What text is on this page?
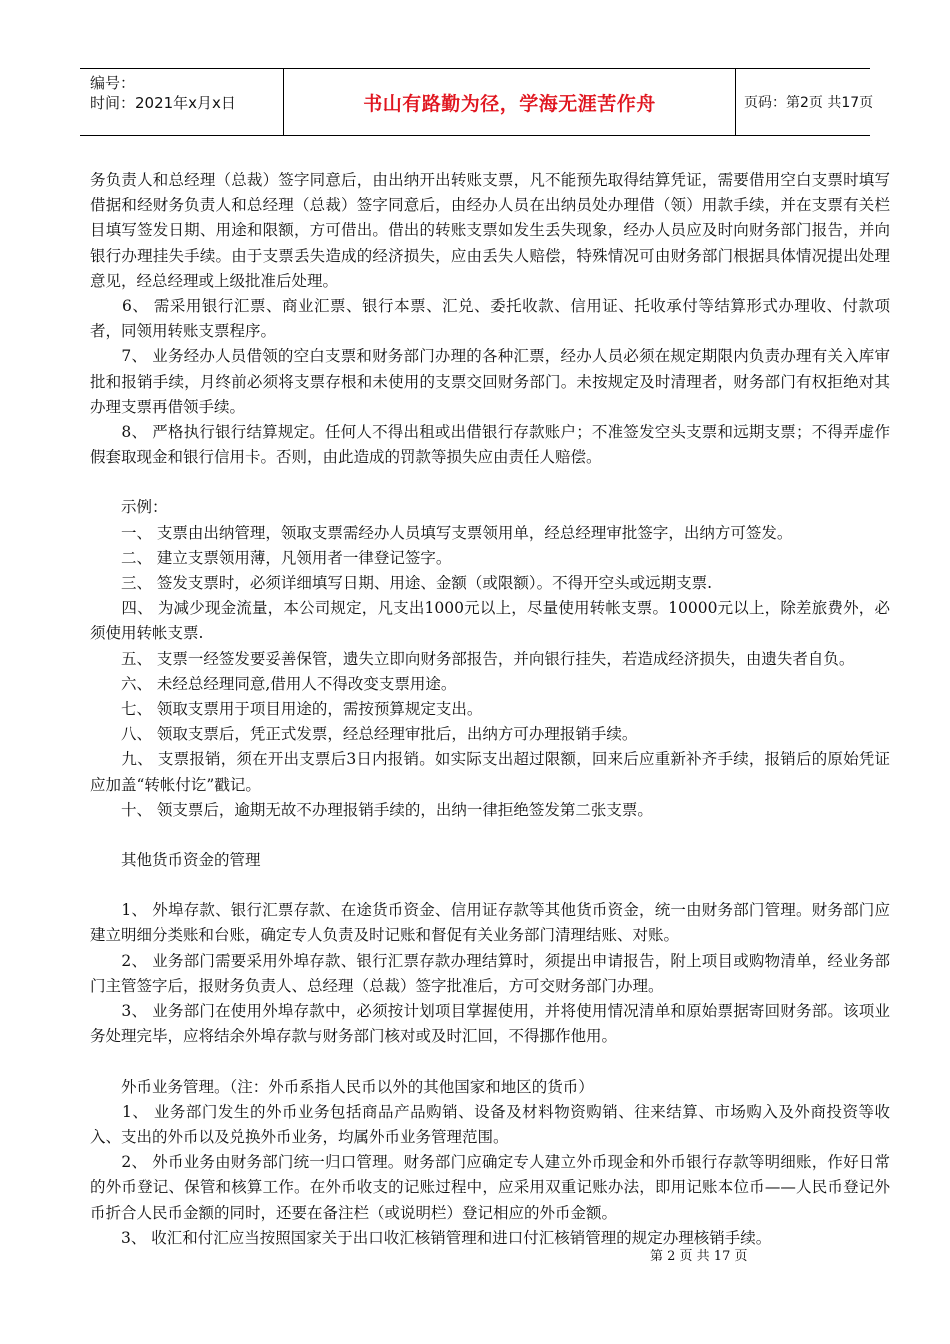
编号：
时间：2021年x月x日	书山有路勤为径，学海无涯苦作舟	页码：第2页 共17页

务负责人和总经理（总裁）签字同意后，由出纳开出转账支票，凡不能预先取得结算凭证，需要借用空白支票时填写借据和经财务负责人和总经理（总裁）签字同意后，由经办人员在出纳员处办理借（领）用款手续，并在支票有关栏目填写签发日期、用途和限额，方可借出。借出的转账支票如发生丢失现象，经办人员应及时向财务部门报告，并向银行办理挂失手续。由于支票丢失造成的经济损失，应由丢失人赔偿，特殊情况可由财务部门根据具体情况提出处理意见，经总经理或上级批准后处理。

　　6、 需采用银行汇票、商业汇票、银行本票、汇兑、委托收款、信用证、托收承付等结算形式办理收、付款项者，同领用转账支票程序。

　　7、 业务经办人员借领的空白支票和财务部门办理的各种汇票，经办人员必须在规定期限内负责办理有关入库审批和报销手续，月终前必须将支票存根和未使用的支票交回财务部门。未按规定及时清理者，财务部门有权拒绝对其办理支票再借领手续。

　　8、 严格执行银行结算规定。任何人不得出租或出借银行存款账户；不准签发空头支票和远期支票；不得弄虚作假套取现金和银行信用卡。否则，由此造成的罚款等损失应由责任人赔偿。

　　示例：

　　一、 支票由出纳管理，领取支票需经办人员填写支票领用单，经总经理审批签字，出纳方可签发。

　　二、 建立支票领用薄，凡领用者一律登记签字。

　　三、 签发支票时，必须详细填写日期、用途、金额（或限额）。不得开空头或远期支票.

　　四、 为减少现金流量，本公司规定，凡支出1000元以上，尽量使用转帐支票。10000元以上，除差旅费外，必须使用转帐支票.

　　五、 支票一经签发要妥善保管，遗失立即向财务部报告，并向银行挂失，若造成经济损失，由遗失者自负。

　　六、 未经总经理同意,借用人不得改变支票用途。

　　七、 领取支票用于项目用途的，需按预算规定支出。

　　八、 领取支票后，凭正式发票，经总经理审批后，出纳方可办理报销手续。

　　九、 支票报销，须在开出支票后3日内报销。如实际支出超过限额，回来后应重新补齐手续，报销后的原始凭证应加盖“转帐付讫”戳记。

　　十、 领支票后，逾期无故不办理报销手续的，出纳一律拒绝签发第二张支票。

　　其他货币资金的管理

　　1、 外埠存款、银行汇票存款、在途货币资金、信用证存款等其他货币资金，统一由财务部门管理。财务部门应建立明细分类账和台账，确定专人负责及时记账和督促有关业务部门清理结账、对账。

　　2、 业务部门需要采用外埠存款、银行汇票存款办理结算时，须提出申请报告，附上项目或购物清单，经业务部门主管签字后，报财务负责人、总经理（总裁）签字批准后，方可交财务部门办理。

　　3、 业务部门在使用外埠存款中，必须按计划项目掌握使用，并将使用情况清单和原始票据寄回财务部。该项业务处理完毕，应将结余外埠存款与财务部门核对或及时汇回，不得挪作他用。

　　外币业务管理。（注：外币系指人民币以外的其他国家和地区的货币）

　　1、 业务部门发生的外币业务包括商品产品购销、设备及材料物资购销、往来结算、市场购入及外商投资等收入、支出的外币以及兑换外币业务，均属外币业务管理范围。

　　2、 外币业务由财务部门统一归口管理。财务部门应确定专人建立外币现金和外币银行存款等明细账，作好日常的外币登记、保管和核算工作。在外币收支的记账过程中，应采用双重记账办法，即用记账本位币——人民币登记外币折合人民币金额的同时，还要在备注栏（或说明栏）登记相应的外币金额。

　　3、 收汇和付汇应当按照国家关于出口收汇核销管理和进口付汇核销管理的规定办理核销手续。

第 2 页 共 17 页
